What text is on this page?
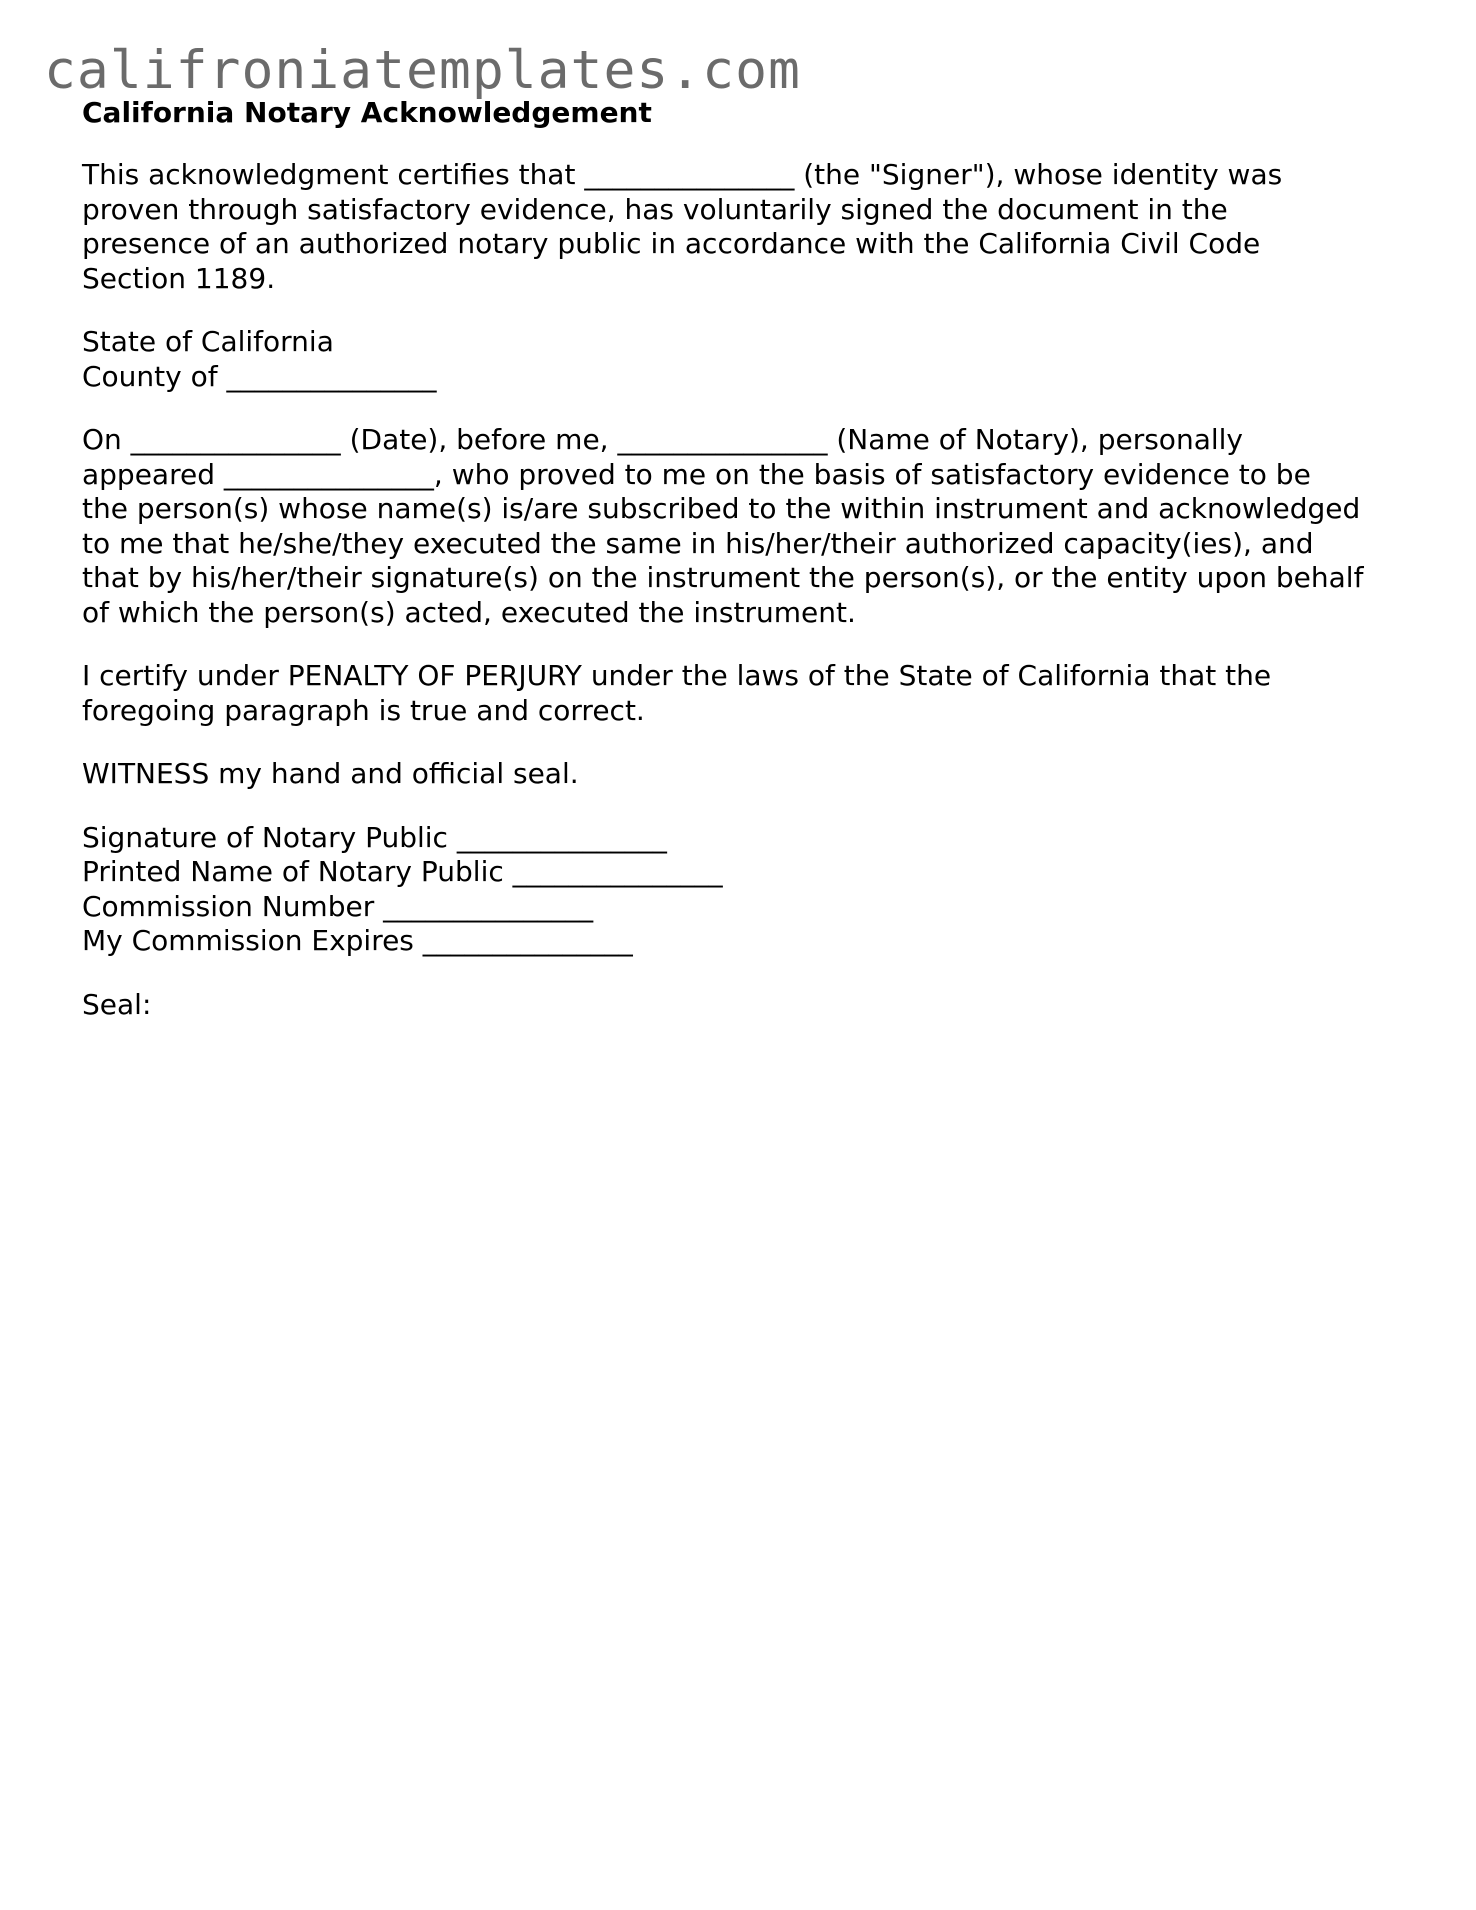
califroniatemplates.com
California Notary Acknowledgement
This acknowledgment certifies that _______________ (the "Signer"), whose identity was
proven through satisfactory evidence, has voluntarily signed the document in the
presence of an authorized notary public in accordance with the California Civil Code
Section 1189.
State of California
County of _______________
On _______________ (Date), before me, _______________ (Name of Notary), personally
appeared _______________, who proved to me on the basis of satisfactory evidence to be
the person(s) whose name(s) is/are subscribed to the within instrument and acknowledged
to me that he/she/they executed the same in his/her/their authorized capacity(ies), and
that by his/her/their signature(s) on the instrument the person(s), or the entity upon behalf
of which the person(s) acted, executed the instrument.
I certify under PENALTY OF PERJURY under the laws of the State of California that the
foregoing paragraph is true and correct.
WITNESS my hand and official seal.
Signature of Notary Public _______________
Printed Name of Notary Public _______________
Commission Number _______________
My Commission Expires _______________
Seal:
